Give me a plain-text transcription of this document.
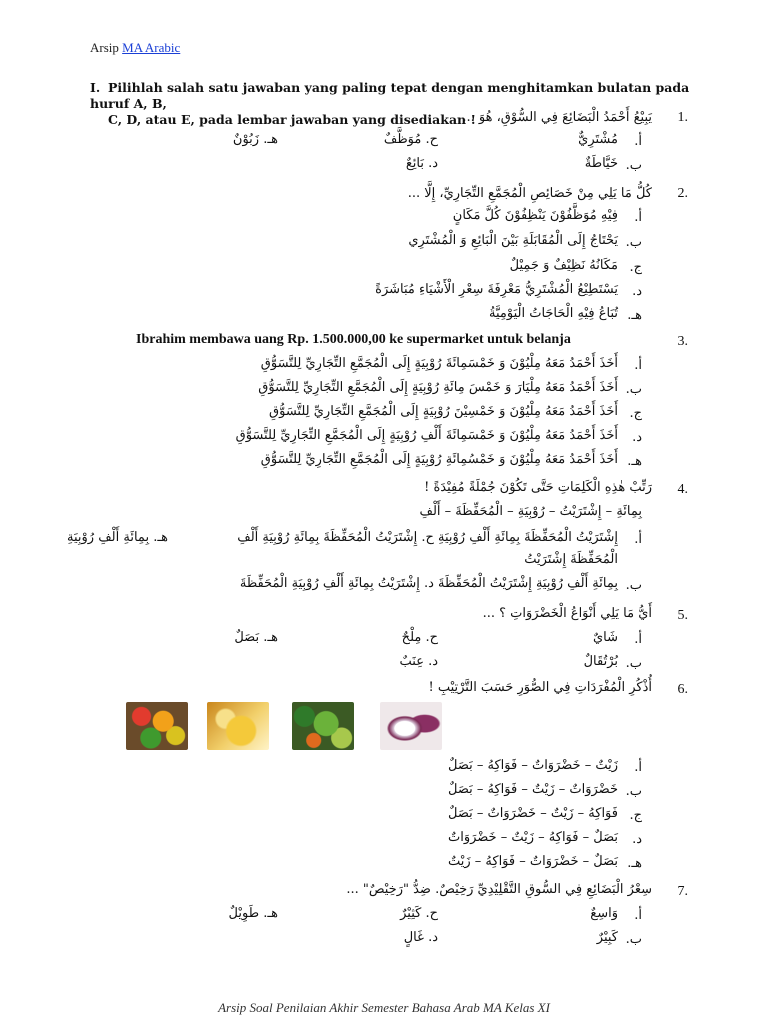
Arsip MA Arabic
I. Pilihlah salah satu jawaban yang paling tepat dengan menghitamkan bulatan pada huruf A, B,
C, D, atau E, pada lembar jawaban yang disediakan !	1.
يَبِيْعُ أَحْمَدُ الْبَضَائِعَ فِي السُّوْقِ، هُوَ ...
أ.
مُشْتَرِيٌّ
ح. مُوَظَّفٌ
هـ. زَبُوْنٌ
ب.
خَيَّاطَةٌ
د. بَائِعٌ
2.
كُلُّ مَا يَلِي مِنْ خَصَائِصِ الْمُجَمَّعِ التِّجَارِيِّ، إِلَّا ...
أ.
فِيْهِ مُوَظَّفُوْنَ يَنْظِفُوْنَ كُلَّ مَكَانٍ
ب.
يَحْتَاجُ إِلَى الْمُقَابَلَةِ بَيْنَ الْبَائِعِ وَ الْمُشْتَرِي
ج.
مَكَانُهُ نَظِيْفٌ وَ جَمِيْلٌ
د.
يَسْتَطِيْعُ الْمُشْتَرِيُّ مَعْرِفَةَ سِعْرِ الْأَشْيَاءِ مُبَاشَرَةً
هـ.
تُبَاعُ فِيْهِ الْحَاجَاتُ الْيَوْمِيَّةُ
3.
Ibrahim membawa uang Rp. 1.500.000,00 ke supermarket untuk belanja
أ.
أَخَذَ أَحْمَدُ مَعَهُ مِلْيُوْنَ وَ خَمْسَمِائَةَ رُوْبِيَةٍ إِلَى الْمُجَمَّعِ التِّجَارِيِّ لِلتَّسَوُّقِ
ب.
أَخَذَ أَحْمَدُ مَعَهُ مِلْيَارَ وَ خَمْسَ مِائَةِ رُوْبِيَةٍ إِلَى الْمُجَمَّعِ التِّجَارِيِّ لِلتَّسَوُّقِ
ج.
أَخَذَ أَحْمَدُ مَعَهُ مِلْيُوْنَ وَ خَمْسِيْنَ رُوْبِيَةٍ إِلَى الْمُجَمَّعِ التِّجَارِيِّ لِلتَّسَوُّقِ
د.
أَخَذَ أَحْمَدُ مَعَهُ مِلْيُوْنَ وَ خَمْسَمِائَةَ أَلْفِ رُوْبِيَةٍ إِلَى الْمُجَمَّعِ التِّجَارِيِّ لِلتَّسَوُّقِ
هـ.
أَخَذَ أَحْمَدُ مَعَهُ مِلْيُوْنَ وَ خَمْسُمِائَةِ رُوْبِيَةٍ إِلَى الْمُجَمَّعِ التِّجَارِيِّ لِلتَّسَوُّقِ
4.
رَتِّبْ هٰذِهِ الْكَلِمَاتِ حَتَّى تَكُوْنَ جُمْلَةً مُفِيْدَةً !
بِمِائَةِ – إِشْتَرَيْتُ – رُوْبِيَةِ – الْمُحَفِّظَةَ – أَلْفِ
أ.
إِشْتَرَيْتُ الْمُحَفِّظَةَ بِمِائَةِ أَلْفِ رُوْبِيَةِ ح. إِشْتَرَيْتُ الْمُحَفِّظَةَ بِمِائَةِ رُوْبِيَةِ أَلْفِ
هـ. بِمِائَةِ أَلْفِ رُوْبِيَةِ
الْمُحَفِّظَةَ إِشْتَرَيْتُ
ب.
بِمِائَةِ أَلْفِ رُوْبِيَةِ إِشْتَرَيْتُ الْمُحَفِّظَةَ د. إِشْتَرَيْتُ بِمِائَةِ أَلْفِ رُوْبِيَةِ الْمُحَفِّظَةَ
5.
أَيُّ مَا يَلِي أَنْوَاعُ الْخَضْرَوَاتِ ؟ ...
أ.
شَايٌ
ح. مِلْحٌ
هـ. بَصَلٌ
ب.
بُرْتُقَالٌ
د. عِنَبٌ
6.
أُذْكُرِ الْمُفْرَدَاتِ فِي الصُّوَرِ حَسَبَ التَّرْتِيْبِ !
أ.
زَيْتٌ – خَضْرَوَاتٌ – فَوَاكِهُ – بَصَلٌ
ب.
خَضْرَوَاتٌ – زَيْتٌ – فَوَاكِهُ – بَصَلٌ
ج.
فَوَاكِهُ – زَيْتٌ – خَضْرَوَاتٌ – بَصَلٌ
د.
بَصَلٌ – فَوَاكِهُ – زَيْتٌ – خَضْرَوَاتٌ
هـ.
بَصَلٌ – خَضْرَوَاتٌ – فَوَاكِهُ – زَيْتٌ
7.
سِعْرُ الْبَضَائِعِ فِي السُّوقِ التَّقْلِيْدِيِّ رَخِيْصٌ. ضِدُّ "رَخِيْصٌ" ...
أ.
وَاسِعٌ
ح. كَثِيْرٌ
هـ. طَوِيْلٌ
ب.
كَبِيْرٌ
د. غَالٍ
Arsip Soal Penilaian Akhir Semester Bahasa Arab MA Kelas XI
